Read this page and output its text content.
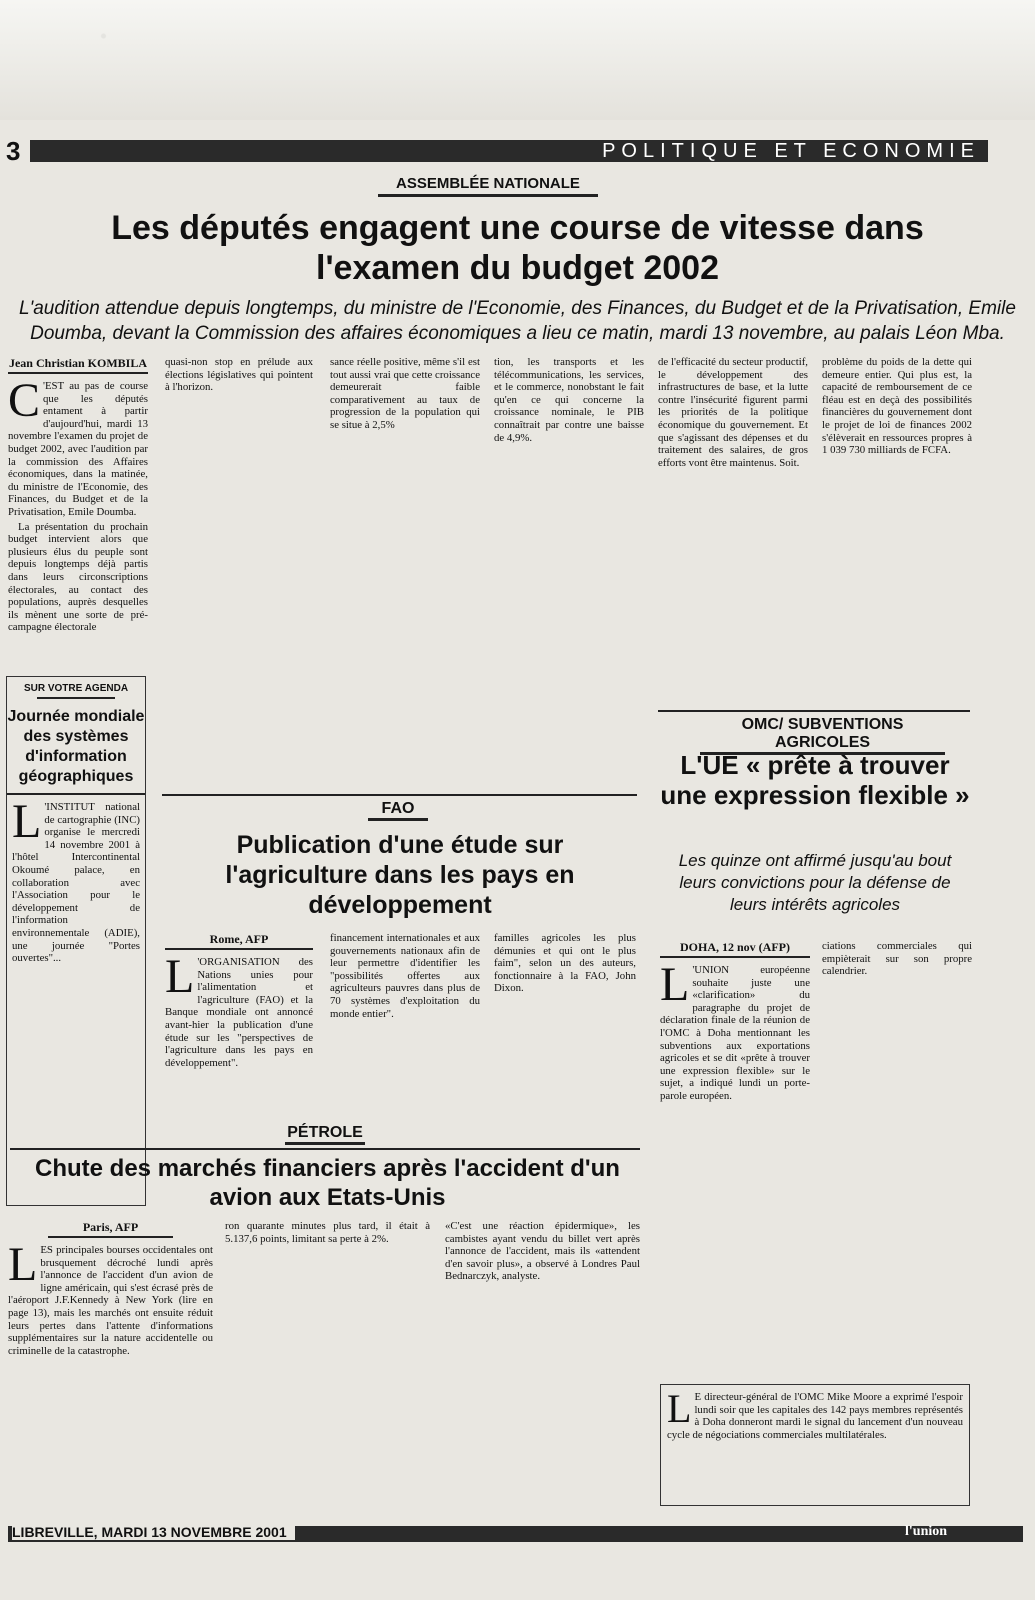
POLITIQUE ET ECONOMIE
3
ASSEMBLÉE NATIONALE
Les députés engagent une course de vitesse dans l'examen du budget 2002
L'audition attendue depuis longtemps, du ministre de l'Economie, des Finances, du Budget et de la Privatisation, Emile Doumba, devant la Commission des affaires économiques a lieu ce matin, mardi 13 novembre, au palais Léon Mba.
Jean Christian KOMBILA

C 'EST au pas de course que les députés entament à partir d'aujourd'hui, mardi 13 novembre l'examen du projet de budget 2002, avec l'audition par la commission des Affaires économiques, dans la matinée, du ministre de l'Economie, des Finances, du Budget et de la Privatisation, Emile Doumba.

La présentation du prochain budget intervient alors que plusieurs élus du peuple sont depuis longtemps déjà partis dans leurs circonscriptions électorales, au contact des populations, auprès desquelles ils mènent une sorte de pré-campagne électorale

quasi-non stop en prélude aux élections législatives qui pointent à l'horizon.

sance réelle positive, même s'il est tout aussi vrai que cette croissance demeurerait faible comparativement au taux de progression de la population qui se situe à 2,5%

tion, les transports et les télécommunications, les services, et le commerce, nonobstant le fait qu'en ce qui concerne la croissance nominale, le PIB connaîtrait par contre une baisse de 4,9%.

de l'efficacité du secteur productif, le développement des infrastructures de base, et la lutte contre l'insécurité figurent parmi les priorités de la politique économique du gouvernement. Et que s'agissant des dépenses et du traitement des salaires, de gros efforts vont être maintenus. Soit.

problème du poids de la dette qui demeure entier. Qui plus est, la capacité de remboursement de ce fléau est en deçà des possibilités financières du gouvernement dont le projet de loi de finances 2002 s'élèverait en ressources propres à 1 039 730 milliards de FCFA.

SUR VOTRE AGENDA
Journée mondiale des systèmes d'information géographiques

L 'INSTITUT national de cartographie (INC) organise le mercredi 14 novembre 2001 à l'hôtel Intercontinental Okoumé palace, en collaboration avec l'Association pour le développement de l'information environnementale (ADIE), une journée "Portes ouvertes"...

FAO
Publication d'une étude sur l'agriculture dans les pays en développement
Rome, AFP

L 'ORGANISATION des Nations unies pour l'alimentation et l'agriculture (FAO) et la Banque mondiale ont annoncé avant-hier la publication d'une étude sur les "perspectives de l'agriculture dans les pays en développement".

financement internationales et aux gouvernements nationaux afin de leur permettre d'identifier les "possibilités offertes aux agriculteurs pauvres dans plus de 70 systèmes d'exploitation du monde entier".

familles agricoles les plus démunies et qui ont le plus faim", selon un des auteurs, fonctionnaire à la FAO, John Dixon.

OMC/ SUBVENTIONS AGRICOLES
L'UE « prête à trouver une expression flexible »
Les quinze ont affirmé jusqu'au bout leurs convictions pour la défense de leurs intérêts agricoles
DOHA, 12 nov (AFP)

L 'UNION européenne souhaite juste une «clarification» du paragraphe du projet de déclaration finale de la réunion de l'OMC à Doha mentionnant les subventions aux exportations agricoles et se dit «prête à trouver une expression flexible» sur le sujet, a indiqué lundi un porte-parole européen.

ciations commerciales qui empièterait sur son propre calendrier.

L E directeur-général de l'OMC Mike Moore a exprimé l'espoir lundi soir que les capitales des 142 pays membres représentés à Doha donneront mardi le signal du lancement d'un nouveau cycle de négociations commerciales multilatérales.

PÉTROLE
Chute des marchés financiers après l'accident d'un avion aux Etats-Unis
Paris, AFP

LES principales bourses occidentales ont brusquement décroché lundi après l'annonce de l'accident d'un avion de ligne américain, qui s'est écrasé près de l'aéroport J.F.Kennedy à New York (lire en page 13), mais les marchés ont ensuite réduit leurs pertes dans l'attente d'informations supplémentaires sur la nature accidentelle ou criminelle de la catastrophe.

ron quarante minutes plus tard, il était à 5.137,6 points, limitant sa perte à 2%.

«C'est une réaction épidermique», les cambistes ayant vendu du billet vert après l'annonce de l'accident, mais ils «attendent d'en savoir plus», a observé à Londres Paul Bednarczyk, analyste.

LIBREVILLE, MARDI 13 NOVEMBRE 2001	l'union
